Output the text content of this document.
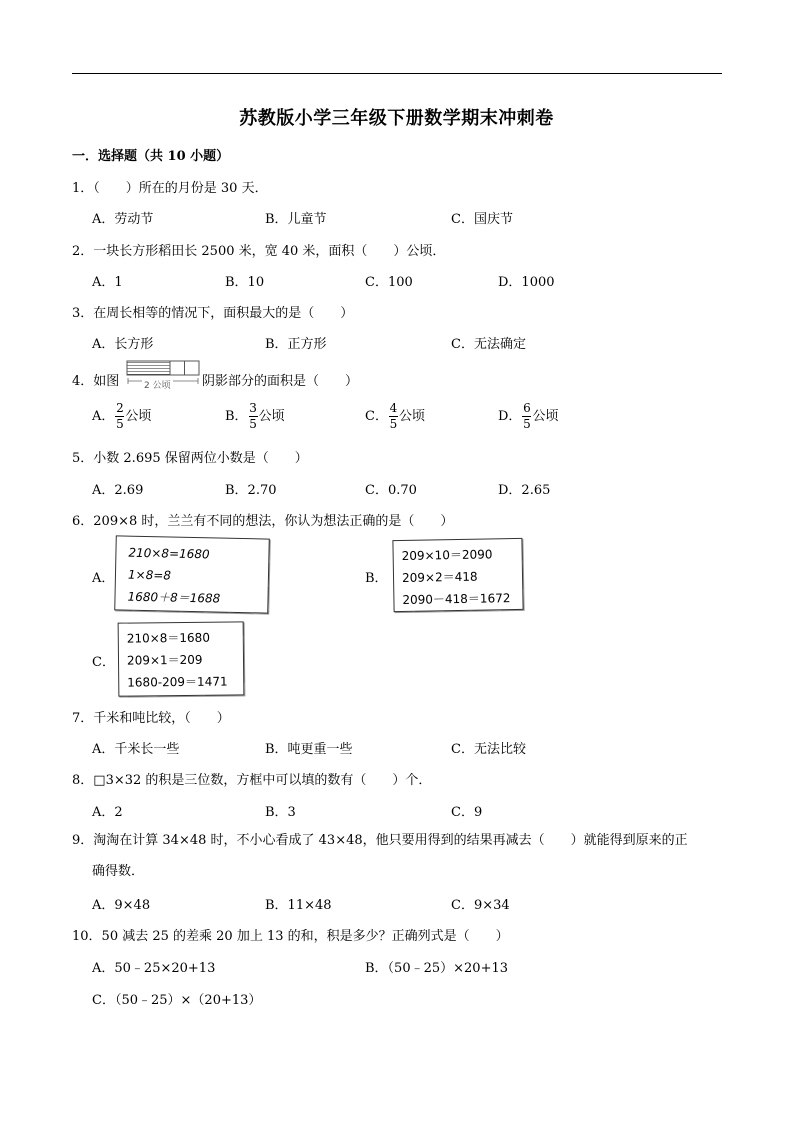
苏教版小学三年级下册数学期末冲刺卷
一．选择题（共 10 小题）
1．（　　）所在的月份是 30 天．
A．劳动节	B．儿童节	C．国庆节
2．一块长方形稻田长 2500 米，宽 40 米，面积（　　）公顷．
A．1	B．10	C．100	D．1000
3．在周长相等的情况下，面积最大的是（　　）
A．长方形	B．正方形	C．无法确定
4．如图	2 公顷 阴影部分的面积是（　　）
A． $\frac{2}{5}$ 公顷	B． $\frac{3}{5}$ 公顷	C． $\frac{4}{5}$ 公顷	D． $\frac{6}{5}$ 公顷
5．小数 2.695 保留两位小数是（　　）
A．2.69	B．2.70	C．0.70	D．2.65
6．209×8 时，兰兰有不同的想法，你认为想法正确的是（　　）
A．
210×8=1680
1×8=8
1680＋8＝1688
B．
209×10＝2090
209×2＝418
2090－418＝1672
C．
210×8＝1680
209×1＝209
1680-209＝1471
7．千米和吨比较，（　　）
A．千米长一些	B．吨更重一些	C．无法比较
8．□3×32 的积是三位数，方框中可以填的数有（　　）个．
A．2	B．3	C．9
9．淘淘在计算 34×48 时，不小心看成了 43×48，他只要用得到的结果再减去（　　）就能得到原来的正
确得数．
A．9×48	B．11×48	C．9×34
10．50 减去 25 的差乘 20 加上 13 的和，积是多少？正确列式是（　　）
A．50﹣25×20+13	B．（50﹣25）×20+13
C．（50﹣25）×（20+13）
